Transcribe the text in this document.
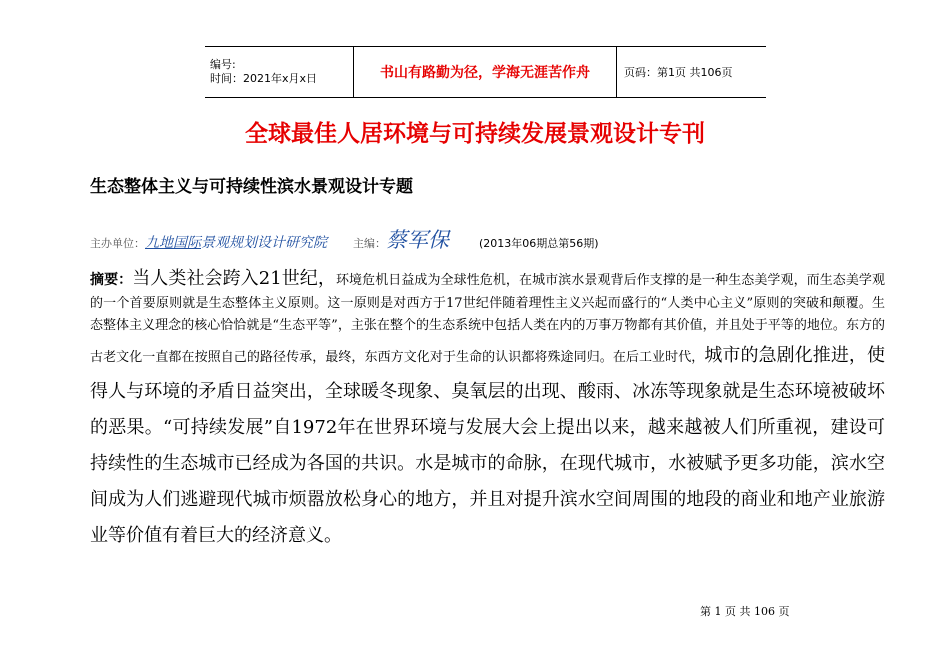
编号:
时间：2021年x月x日	书山有路勤为径，学海无涯苦作舟	页码：第1页 共106页
全球最佳人居环境与可持续发展景观设计专刊
生态整体主义与可持续性滨水景观设计专题
主办单位： 九地国际景观规划设计研究院 主编： 蔡军保	(2013年06期总第56期)

摘要：当人类社会跨入21世纪，环境危机日益成为全球性危机，在城市滨水景观背后作支撑的是一种生态美学观，而生态美学观的一个首要原则就是生态整体主义原则。这一原则是对西方于17世纪伴随着理性主义兴起而盛行的“人类中心主义”原则的突破和颠覆。生态整体主义理念的核心恰恰就是“生态平等”，主张在整个的生态系统中包括人类在内的万事万物都有其价值，并且处于平等的地位。东方的古老文化一直都在按照自己的路径传承，最终，东西方文化对于生命的认识都将殊途同归。在后工业时代，城市的急剧化推进，使得人与环境的矛盾日益突出，全球暖冬现象、臭氧层的出现、酸雨、冰冻等现象就是生态环境被破坏的恶果。“可持续发展”自1972年在世界环境与发展大会上提出以来，越来越被人们所重视，建设可持续性的生态城市已经成为各国的共识。水是城市的命脉，在现代城市，水被赋予更多功能，滨水空间成为人们逃避现代城市烦嚣放松身心的地方，并且对提升滨水空间周围的地段的商业和地产业旅游业等价值有着巨大的经济意义。

第 1 页 共 106 页
